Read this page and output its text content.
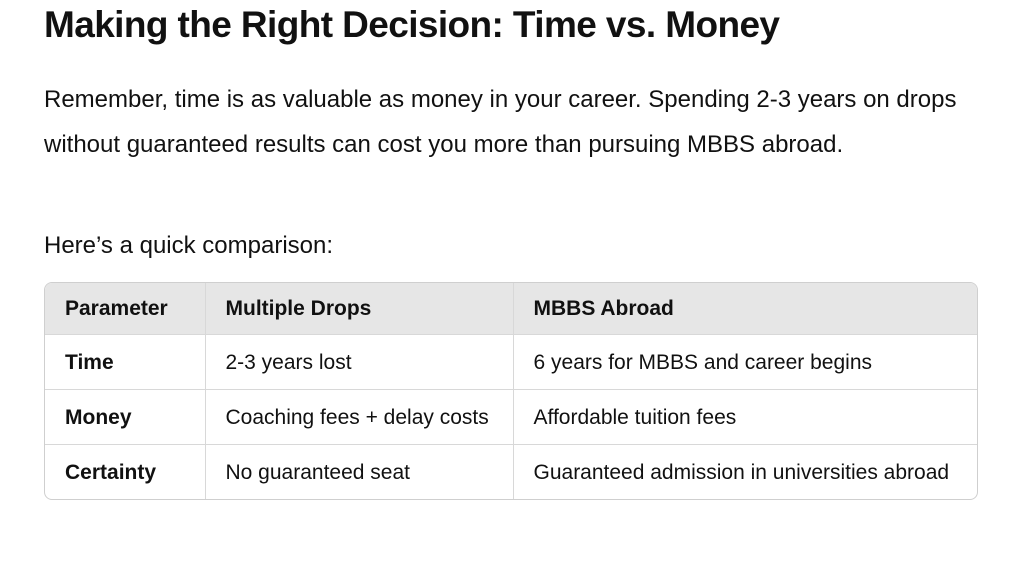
Making the Right Decision: Time vs. Money

Remember, time is as valuable as money in your career. Spending 2-3 years on drops without guaranteed results can cost you more than pursuing MBBS abroad.

Here’s a quick comparison:

Parameter	Multiple Drops	MBBS Abroad
Time	2-3 years lost	6 years for MBBS and career begins
Money	Coaching fees + delay costs	Affordable tuition fees
Certainty	No guaranteed seat	Guaranteed admission in universities abroad
